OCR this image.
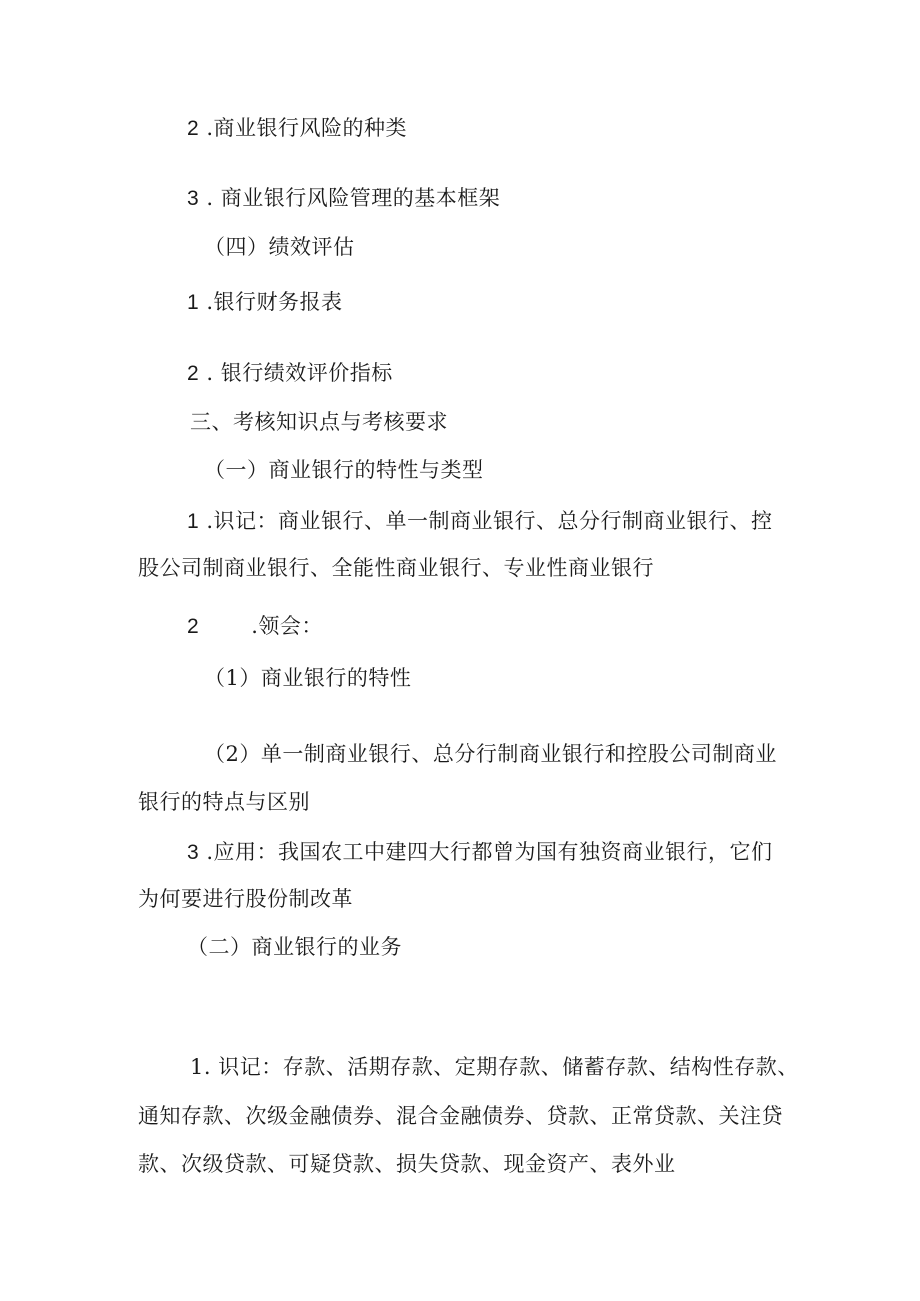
2 .商业银行风险的种类
3 . 商业银行风险管理的基本框架
（四）绩效评估
1 .银行财务报表
2 . 银行绩效评价指标
三、考核知识点与考核要求
（一）商业银行的特性与类型
1 .识记：商业银行、单一制商业银行、总分行制商业银行、控
股公司制商业银行、全能性商业银行、专业性商业银行
2 .领会：
（1）商业银行的特性
（2）单一制商业银行、总分行制商业银行和控股公司制商业
银行的特点与区别
3 .应用：我国农工中建四大行都曾为国有独资商业银行，它们
为何要进行股份制改革
（二）商业银行的业务
1. 识记：存款、活期存款、定期存款、储蓄存款、结构性存款、
通知存款、次级金融债券、混合金融债券、贷款、正常贷款、关注贷
款、次级贷款、可疑贷款、损失贷款、现金资产、表外业
